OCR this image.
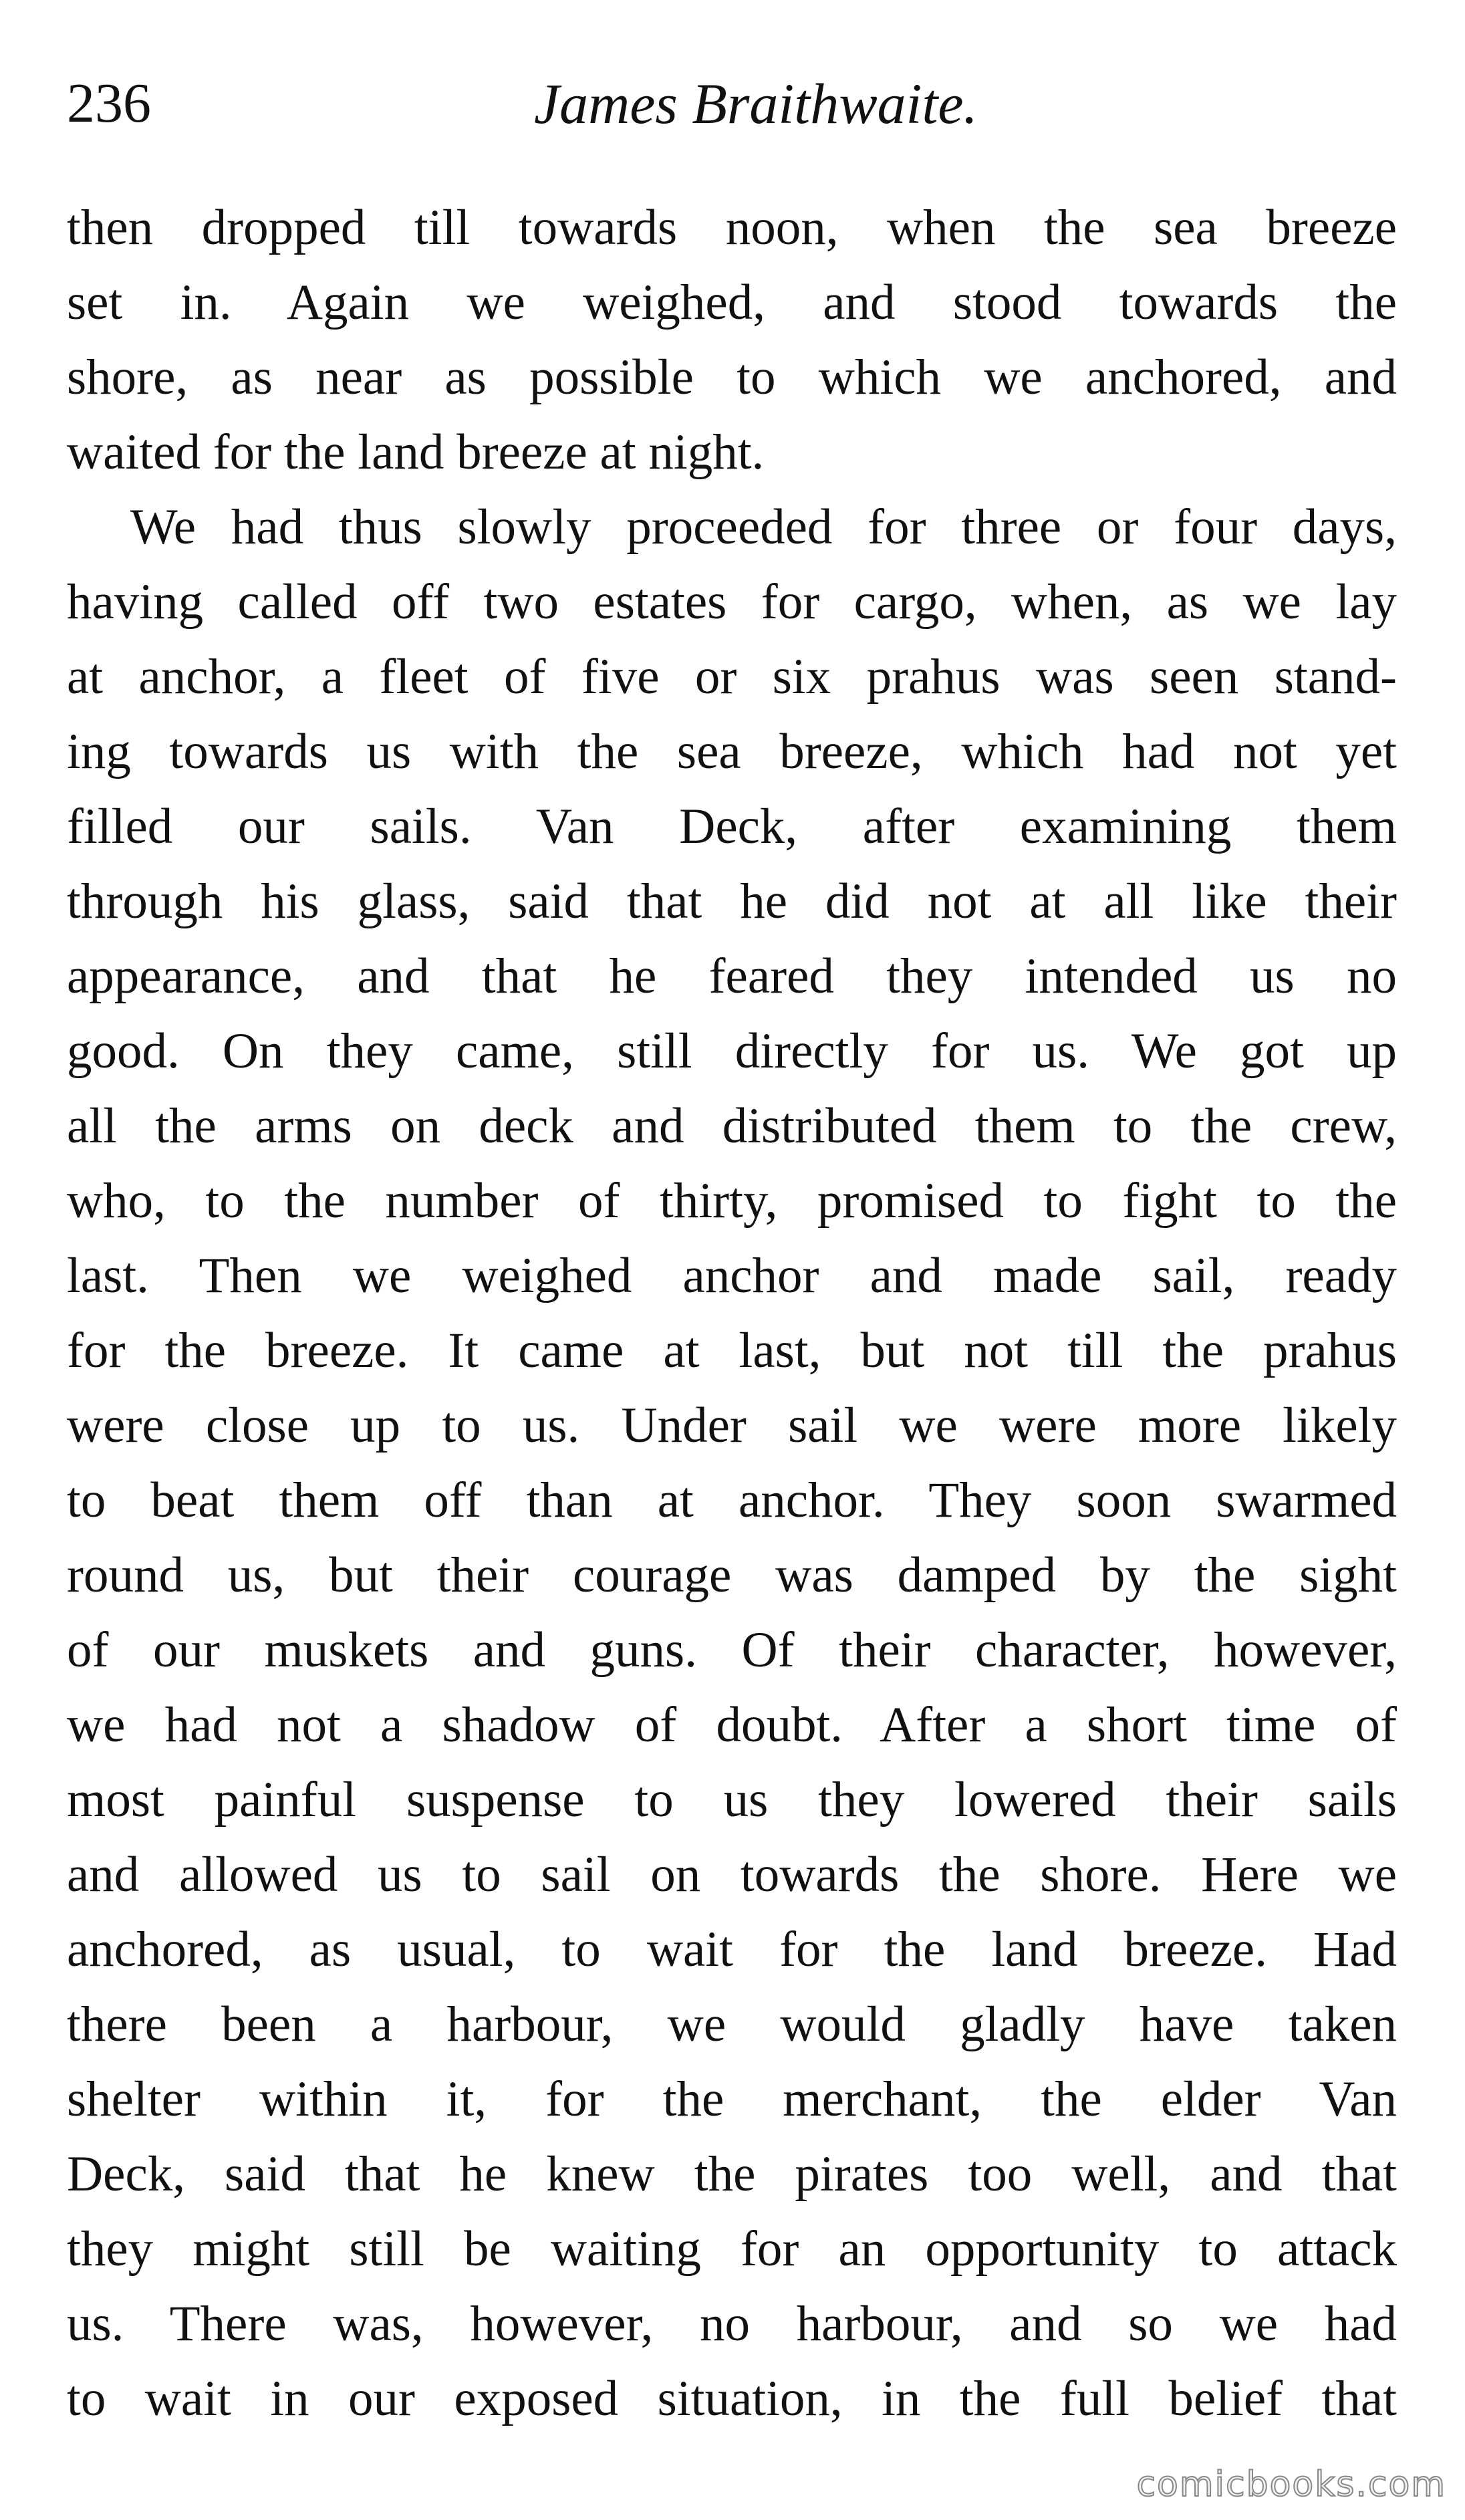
236	James Braithwaite.
then dropped till towards noon, when the sea breeze
set in. Again we weighed, and stood towards the
shore, as near as possible to which we anchored, and
waited for the land breeze at night.
We had thus slowly proceeded for three or four days,
having called off two estates for cargo, when, as we lay
at anchor, a fleet of five or six prahus was seen stand-
ing towards us with the sea breeze, which had not yet
filled our sails. Van Deck, after examining them
through his glass, said that he did not at all like their
appearance, and that he feared they intended us no
good. On they came, still directly for us. We got up
all the arms on deck and distributed them to the crew,
who, to the number of thirty, promised to fight to the
last. Then we weighed anchor and made sail, ready
for the breeze. It came at last, but not till the prahus
were close up to us. Under sail we were more likely
to beat them off than at anchor. They soon swarmed
round us, but their courage was damped by the sight
of our muskets and guns. Of their character, however,
we had not a shadow of doubt. After a short time of
most painful suspense to us they lowered their sails
and allowed us to sail on towards the shore. Here we
anchored, as usual, to wait for the land breeze. Had
there been a harbour, we would gladly have taken
shelter within it, for the merchant, the elder Van
Deck, said that he knew the pirates too well, and that
they might still be waiting for an opportunity to attack
us. There was, however, no harbour, and so we had
to wait in our exposed situation, in the full belief that
comicbooks.com
